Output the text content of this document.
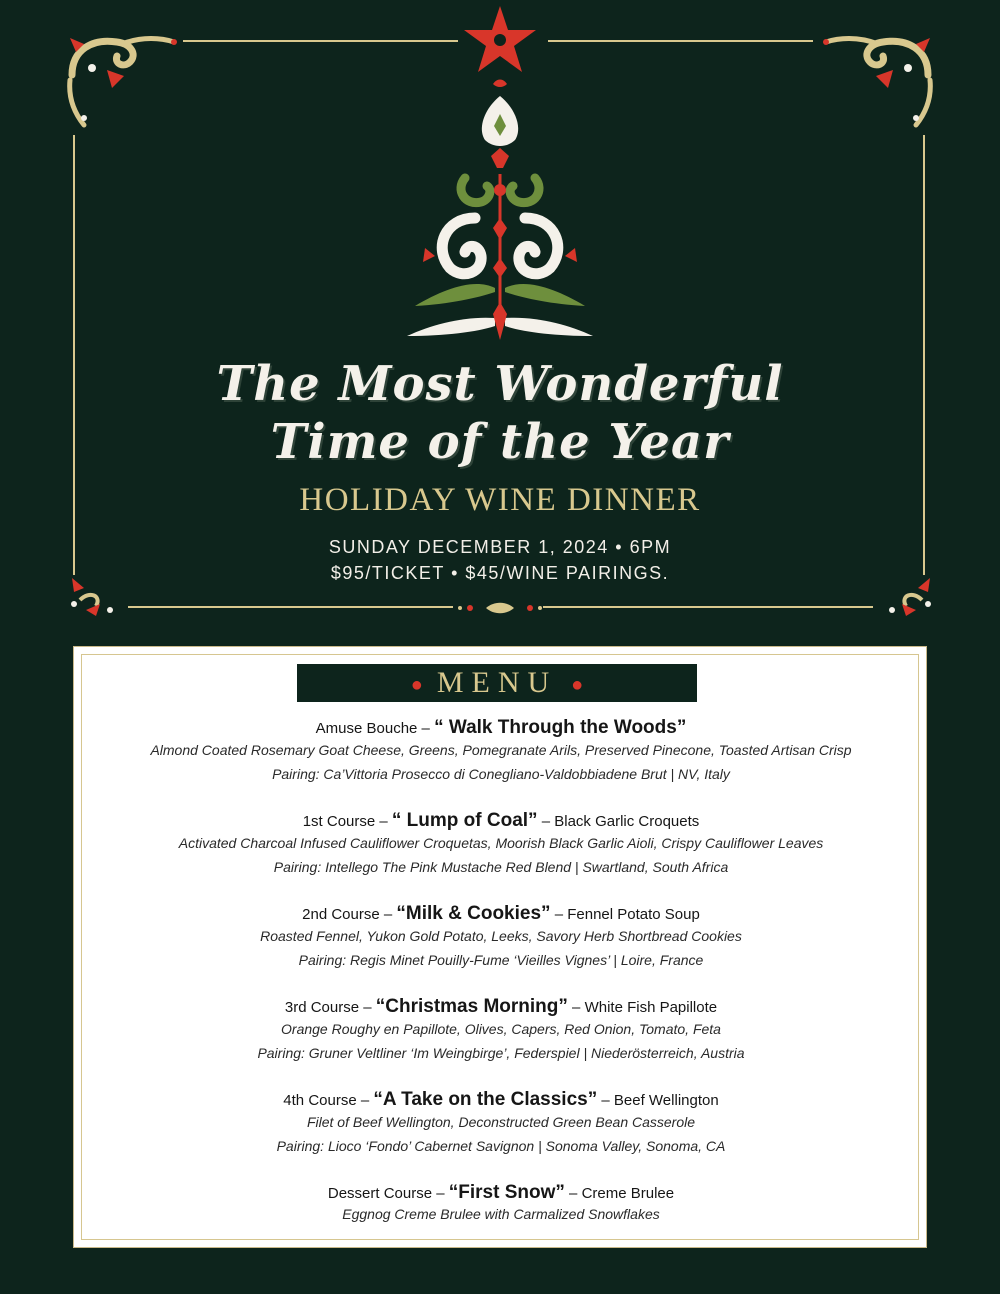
The Most Wonderful
Time of the Year
HOLIDAY WINE DINNER
SUNDAY DECEMBER 1, 2024 • 6PM
$95/TICKET • $45/WINE PAIRINGS.
● MENU ●
Amuse Bouche – “ Walk Through the Woods”
Almond Coated Rosemary Goat Cheese, Greens, Pomegranate Arils, Preserved Pinecone, Toasted Artisan Crisp
Pairing: Ca’Vittoria Prosecco di Conegliano-Valdobbiadene Brut | NV, Italy
1st Course – “ Lump of Coal” – Black Garlic Croquets
Activated Charcoal Infused Cauliflower Croquetas, Moorish Black Garlic Aioli, Crispy Cauliflower Leaves
Pairing: Intellego The Pink Mustache Red Blend | Swartland, South Africa
2nd Course – “Milk & Cookies” – Fennel Potato Soup
Roasted Fennel, Yukon Gold Potato, Leeks, Savory Herb Shortbread Cookies
Pairing: Regis Minet Pouilly-Fume ‘Vieilles Vignes’ | Loire, France
3rd Course – “Christmas Morning” – White Fish Papillote
Orange Roughy en Papillote, Olives, Capers, Red Onion, Tomato, Feta
Pairing: Gruner Veltliner ‘Im Weingbirge’, Federspiel | Niederösterreich, Austria
4th Course – “A Take on the Classics” – Beef Wellington
Filet of Beef Wellington, Deconstructed Green Bean Casserole
Pairing: Lioco ‘Fondo’ Cabernet Savignon | Sonoma Valley, Sonoma, CA
Dessert Course – “First Snow” – Creme Brulee
Eggnog Creme Brulee with Carmalized Snowflakes
